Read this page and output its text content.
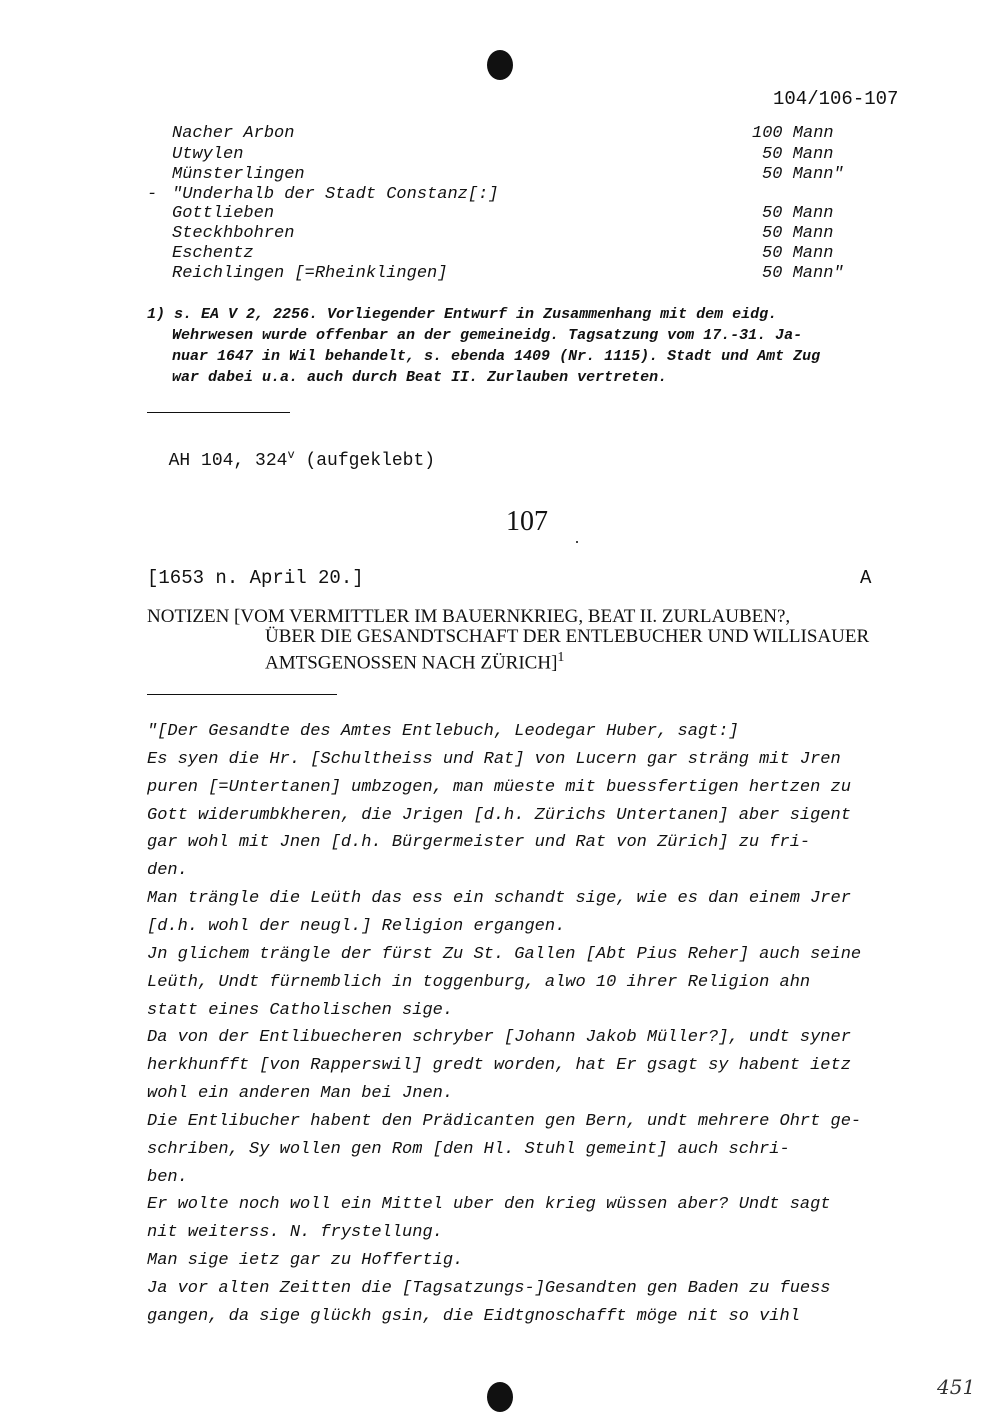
104/106-107
Nacher Arbon	100 Mann
Utwylen	50 Mann
Münsterlingen	50 Mann"
- "Underhalb der Stadt Constanz[:]
Gottlieben	50 Mann
Steckhbohren	50 Mann
Eschentz	50 Mann
Reichlingen [=Rheinklingen]	50 Mann"
1) s. EA V 2, 2256. Vorliegender Entwurf in Zusammenhang mit dem eidg.
Wehrwesen wurde offenbar an der gemeineidg. Tagsatzung vom 17.-31. Ja-
nuar 1647 in Wil behandelt, s. ebenda 1409 (Nr. 1115). Stadt und Amt Zug
war dabei u.a. auch durch Beat II. Zurlauben vertreten.

AH 104, 324$^v$ (aufgeklebt)

107
[1653 n. April 20.]	A
NOTIZEN [VOM VERMITTLER IM BAUERNKRIEG, BEAT II. ZURLAUBEN?,
ÜBER DIE GESANDTSCHAFT DER ENTLEBUCHER UND WILLISAUER
AMTSGENOSSEN NACH ZÜRICH]$^1$
"[Der Gesandte des Amtes Entlebuch, Leodegar Huber, sagt:]
Es syen die Hr. [Schultheiss und Rat] von Lucern gar sträng mit Jren
puren [=Untertanen] umbzogen, man müeste mit buessfertigen hertzen zu
Gott widerumbkheren, die Jrigen [d.h. Zürichs Untertanen] aber sigent
gar wohl mit Jnen [d.h. Bürgermeister und Rat von Zürich] zu fri-
den.
Man trängle die Leüth das ess ein schandt sige, wie es dan einem Jrer
[d.h. wohl der neugl.] Religion ergangen.
Jn glichem trängle der fürst Zu St. Gallen [Abt Pius Reher] auch seine
Leüth, Undt fürnemblich in toggenburg, alwo 10 ihrer Religion ahn
statt eines Catholischen sige.
Da von der Entlibuecheren schryber [Johann Jakob Müller?], undt syner
herkhunfft [von Rapperswil] gredt worden, hat Er gsagt sy habent ietz
wohl ein anderen Man bei Jnen.
Die Entlibucher habent den Prädicanten gen Bern, undt mehrere Ohrt ge-
schriben, Sy wollen gen Rom [den Hl. Stuhl gemeint] auch schri-
ben.
Er wolte noch woll ein Mittel uber den krieg wüssen aber? Undt sagt
nit weiterss. N. frystellung.
Man sige ietz gar zu Hoffertig.
Ja vor alten Zeitten die [Tagsatzungs-]Gesandten gen Baden zu fuess
gangen, da sige glückh gsin, die Eidtgnoschafft möge nit so vihl
451
